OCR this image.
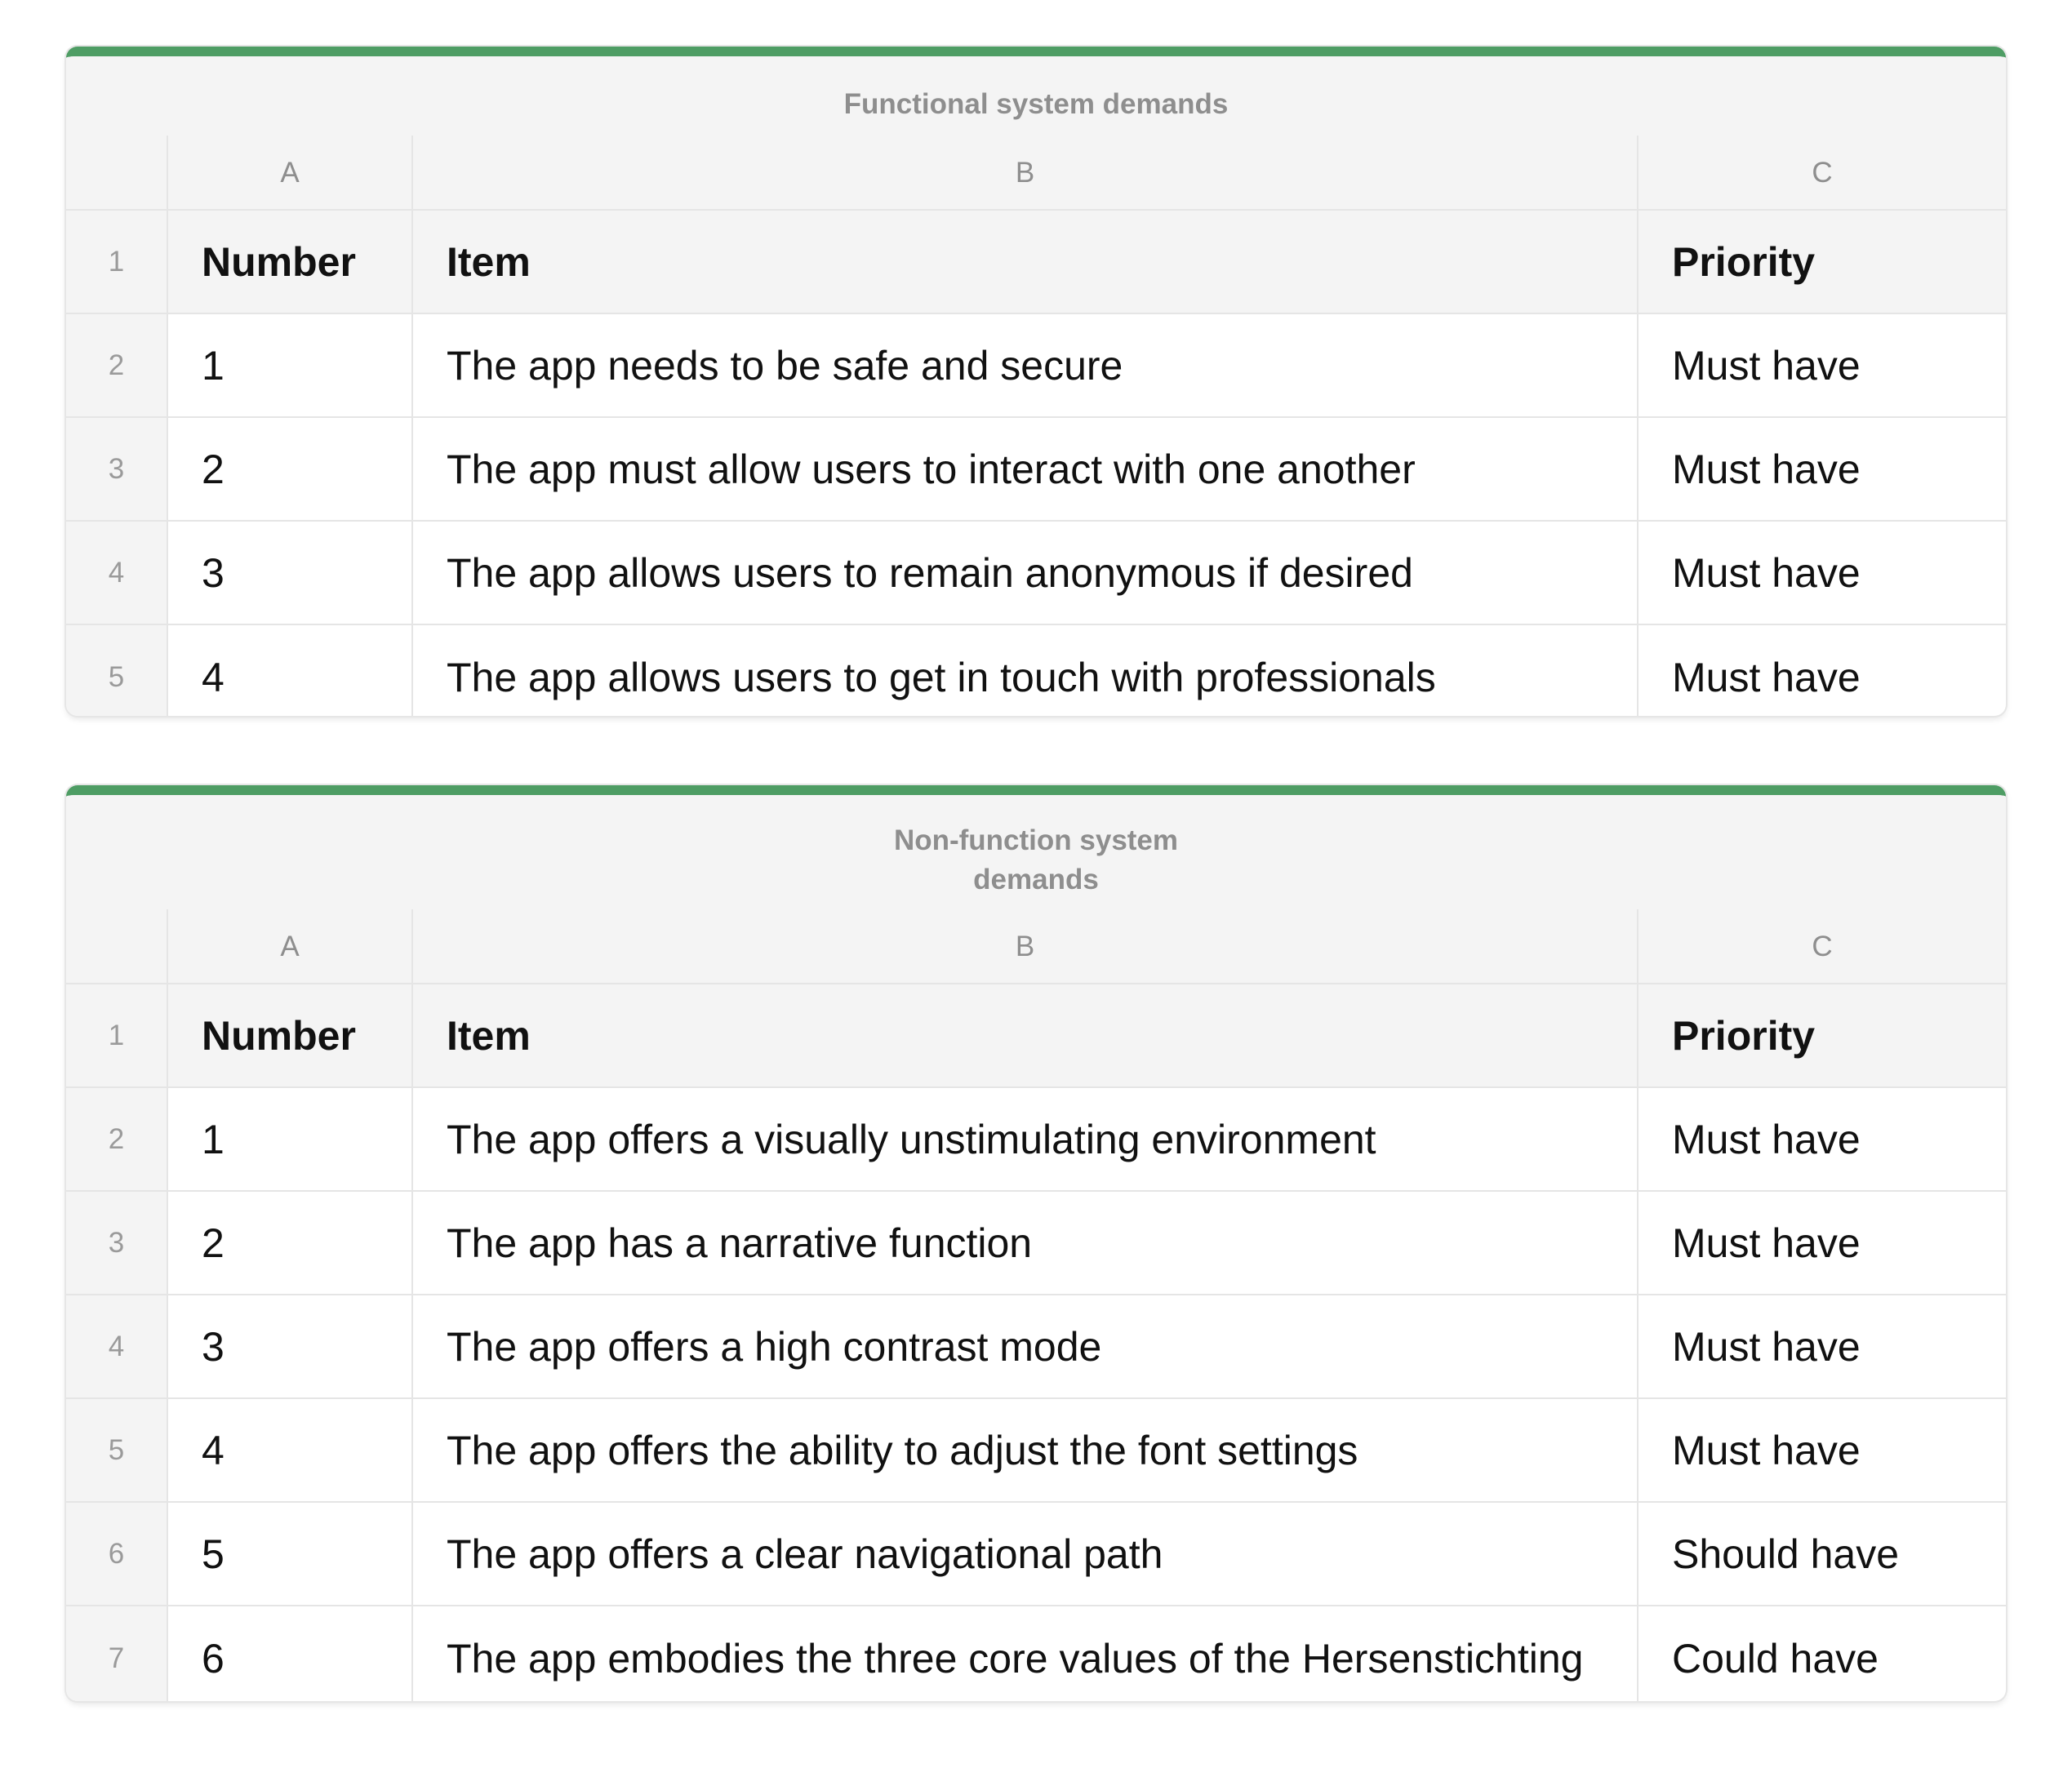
Functional system demands
A	B	C
1	Number	Item	Priority
2	1	The app needs to be safe and secure	Must have
3	2	The app must allow users to interact with one another	Must have
4	3	The app allows users to remain anonymous if desired	Must have
5	4	The app allows users to get in touch with professionals	Must have
Non-function system
demands
A	B	C
1	Number	Item	Priority
2	1	The app offers a visually unstimulating environment	Must have
3	2	The app has a narrative function	Must have
4	3	The app offers a high contrast mode	Must have
5	4	The app offers the ability to adjust the font settings	Must have
6	5	The app offers a clear navigational path	Should have
7	6	The app embodies the three core values of the Hersenstichting	Could have
